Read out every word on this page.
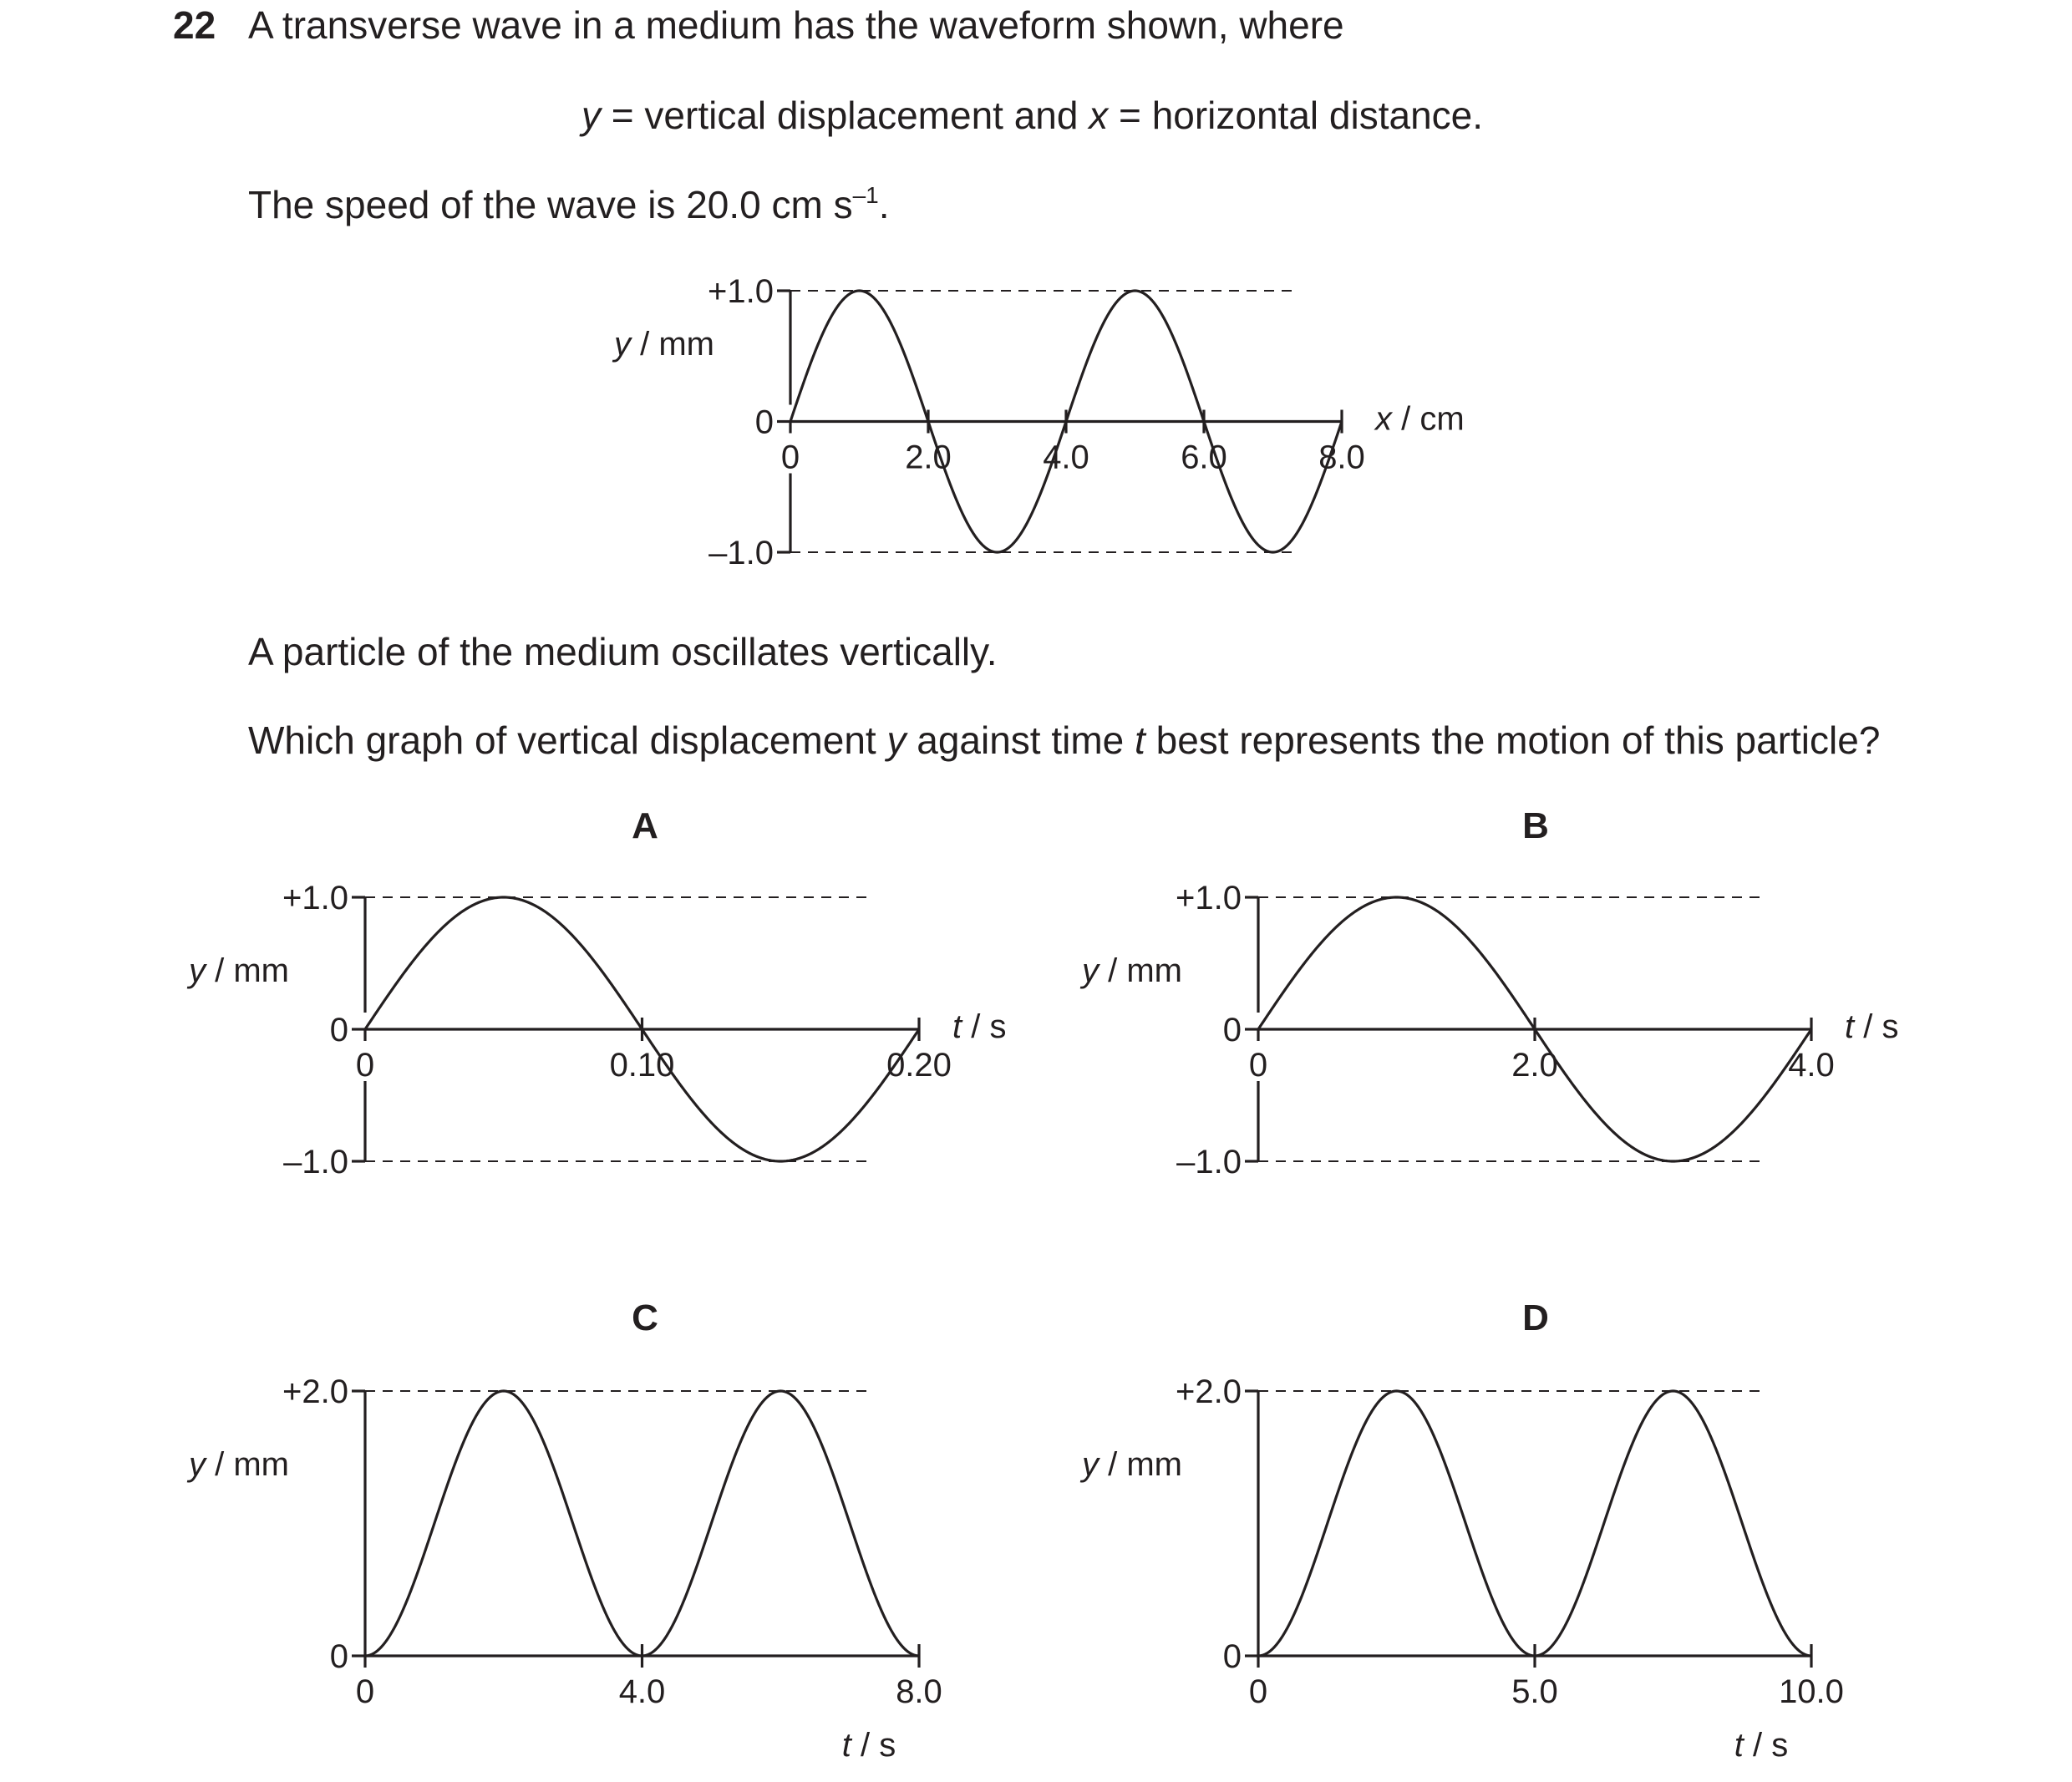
22 A transverse wave in a medium has the waveform shown, where
y = vertical displacement and x = horizontal distance.
The speed of the wave is 20.0 cm $s^{-1}$.
A particle of the medium oscillates vertically.
Which graph of vertical displacement y against time t best represents the motion of this particle?
A	B
C	D
+1.0
0
–1.0
0	2.0	4.0	6.0	8.0
y / mm
x / cm
+1.0
0
–1.0
0	0.10	0.20
y / mm
t / s
+1.0
0
–1.0
0	2.0	4.0
y / mm
t / s
+2.0
0
0	4.0	8.0
y / mm
t / s
+2.0
0
0	5.0	10.0
y / mm
t / s
